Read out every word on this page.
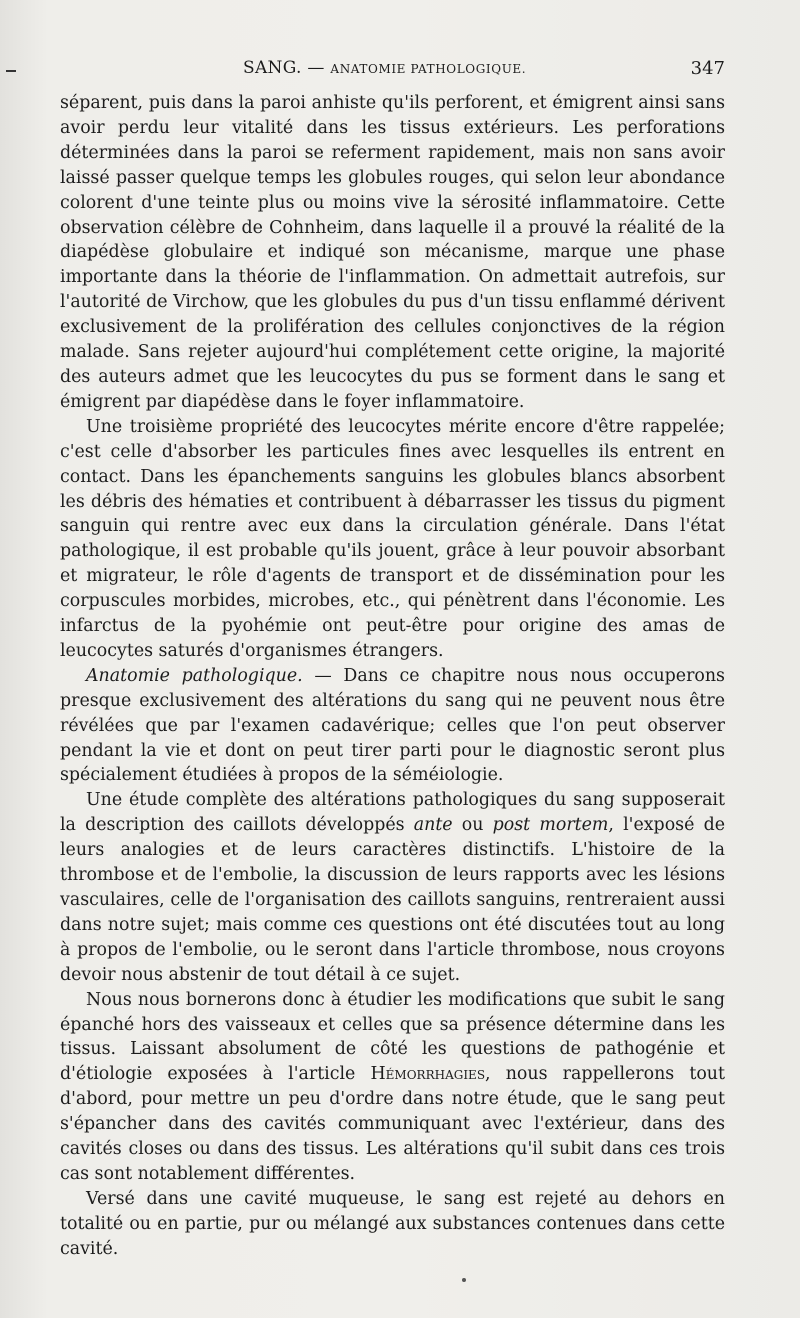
SANG. — ANATOMIE PATHOLOGIQUE.	347

séparent, puis dans la paroi anhiste qu'ils perforent, et émigrent ainsi sans avoir perdu leur vitalité dans les tissus extérieurs. Les perforations déterminées dans la paroi se referment rapidement, mais non sans avoir laissé passer quelque temps les globules rouges, qui selon leur abondance colorent d'une teinte plus ou moins vive la sérosité inflammatoire. Cette observation célèbre de Cohnheim, dans laquelle il a prouvé la réalité de la diapédèse globulaire et indiqué son mécanisme, marque une phase importante dans la théorie de l'inflammation. On admettait autrefois, sur l'autorité de Virchow, que les globules du pus d'un tissu enflammé dérivent exclusivement de la prolifération des cellules conjonctives de la région malade. Sans rejeter aujourd'hui complétement cette origine, la majorité des auteurs admet que les leucocytes du pus se forment dans le sang et émigrent par diapédèse dans le foyer inflammatoire.

Une troisième propriété des leucocytes mérite encore d'être rappelée; c'est celle d'absorber les particules fines avec lesquelles ils entrent en contact. Dans les épanchements sanguins les globules blancs absorbent les débris des hématies et contribuent à débarrasser les tissus du pigment sanguin qui rentre avec eux dans la circulation générale. Dans l'état pathologique, il est probable qu'ils jouent, grâce à leur pouvoir absorbant et migrateur, le rôle d'agents de transport et de dissémination pour les corpuscules morbides, microbes, etc., qui pénètrent dans l'économie. Les infarctus de la pyohémie ont peut-être pour origine des amas de leucocytes saturés d'organismes étrangers.

Anatomie pathologique. — Dans ce chapitre nous nous occuperons presque exclusivement des altérations du sang qui ne peuvent nous être révélées que par l'examen cadavérique; celles que l'on peut observer pendant la vie et dont on peut tirer parti pour le diagnostic seront plus spécialement étudiées à propos de la séméiologie.

Une étude complète des altérations pathologiques du sang supposerait la description des caillots développés ante ou post mortem, l'exposé de leurs analogies et de leurs caractères distinctifs. L'histoire de la thrombose et de l'embolie, la discussion de leurs rapports avec les lésions vasculaires, celle de l'organisation des caillots sanguins, rentreraient aussi dans notre sujet; mais comme ces questions ont été discutées tout au long à propos de l'embolie, ou le seront dans l'article thrombose, nous croyons devoir nous abstenir de tout détail à ce sujet.

Nous nous bornerons donc à étudier les modifications que subit le sang épanché hors des vaisseaux et celles que sa présence détermine dans les tissus. Laissant absolument de côté les questions de pathogénie et d'étiologie exposées à l'article Hémorrhagies, nous rappellerons tout d'abord, pour mettre un peu d'ordre dans notre étude, que le sang peut s'épancher dans des cavités communiquant avec l'extérieur, dans des cavités closes ou dans des tissus. Les altérations qu'il subit dans ces trois cas sont notablement différentes.

Versé dans une cavité muqueuse, le sang est rejeté au dehors en totalité ou en partie, pur ou mélangé aux substances contenues dans cette cavité.
